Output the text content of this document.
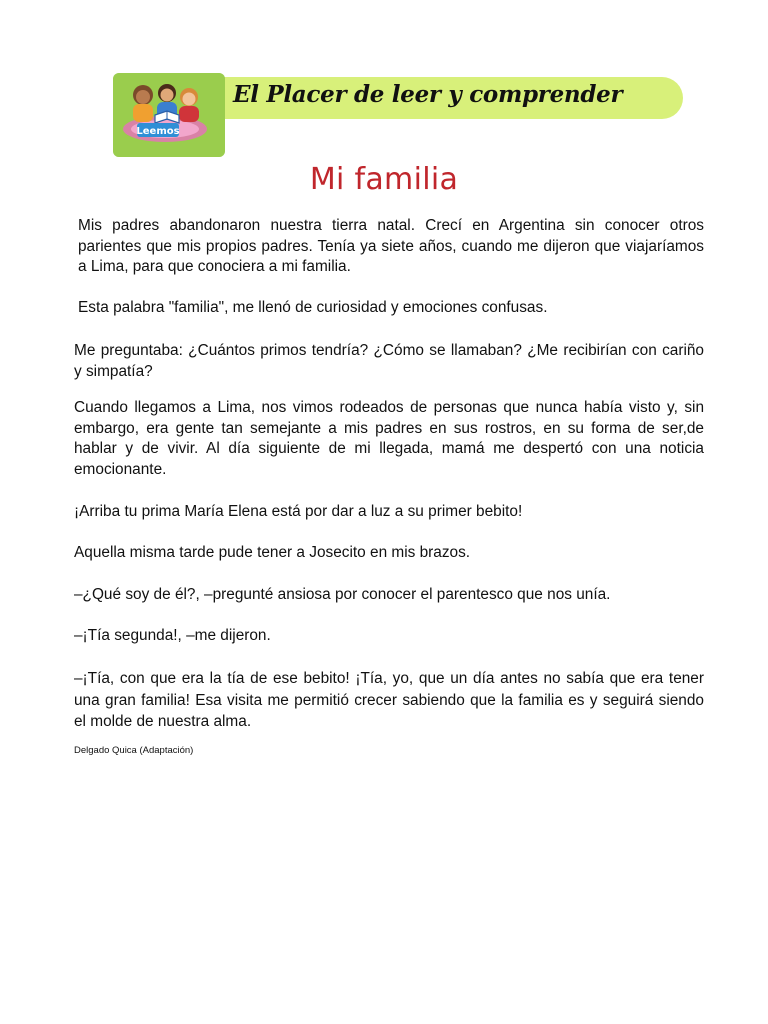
Leemos
El Placer de leer y comprender
Mi familia

Mis padres abandonaron nuestra tierra natal. Crecí en Argentina sin conocer otros parientes que mis propios padres. Tenía ya siete años, cuando me dijeron que viajaríamos a Lima, para que conociera a mi familia.

Esta palabra "familia", me llenó de curiosidad y emociones confusas.

Me preguntaba: ¿Cuántos primos tendría? ¿Cómo se llamaban? ¿Me recibirían con cariño y simpatía?

Cuando llegamos a Lima, nos vimos rodeados de personas que nunca había visto y, sin embargo, era gente tan semejante a mis padres en sus rostros, en su forma de ser,de hablar y de vivir. Al día siguiente de mi llegada, mamá me despertó con una noticia emocionante.

¡Arriba tu prima María Elena está por dar a luz a su primer bebito!

Aquella misma tarde pude tener a Josecito en mis brazos.

–¿Qué soy de él?, –pregunté ansiosa por conocer el parentesco que nos unía.

–¡Tía segunda!, –me dijeron.

–¡Tía, con que era la tía de ese bebito! ¡Tía, yo, que un día antes no sabía que era tener una gran familia! Esa visita me permitió crecer sabiendo que la familia es y seguirá siendo el molde de nuestra alma.

Delgado Quica (Adaptación)
